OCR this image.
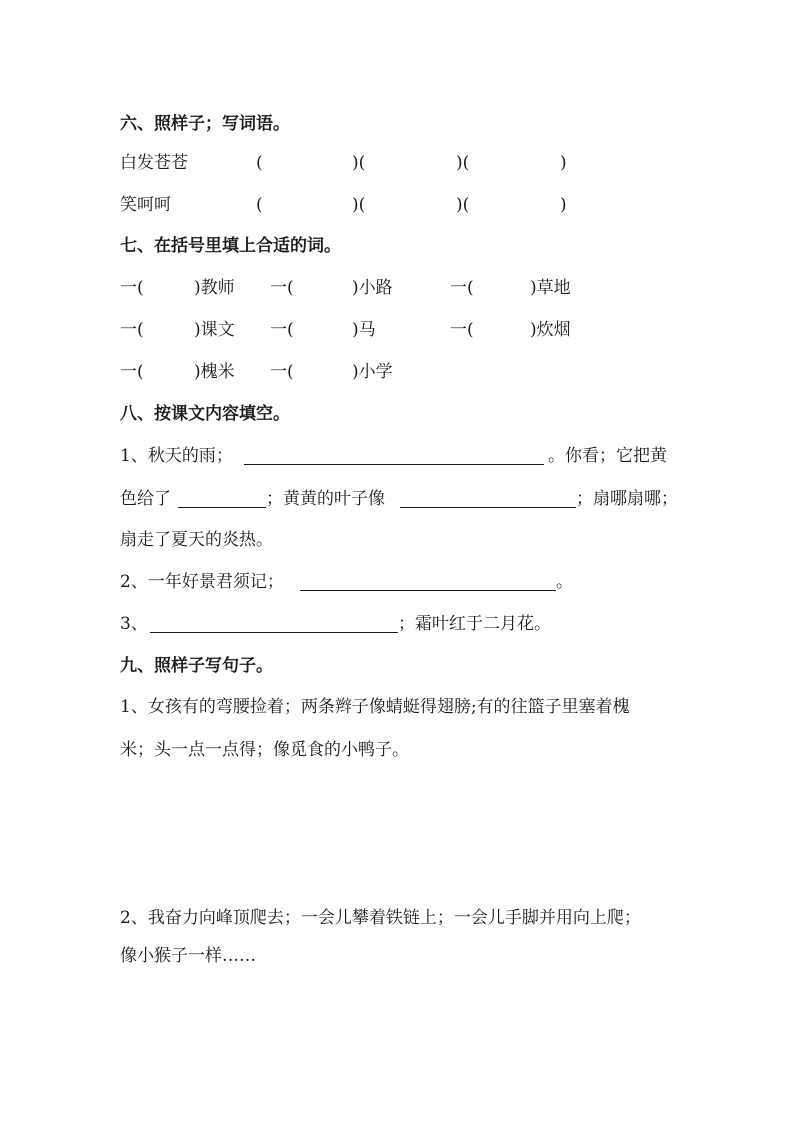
六、照样子；写词语。
白发苍苍	(	)(	)(	)
笑呵呵	(	)(	)(	)
七、在括号里填上合适的词。
一(	)教师 一(	)小路	一(	)草地
一(	)课文 一(	)马	一(	)炊烟
一(	)槐米 一(	)小学
八、按课文内容填空。
1、秋天的雨；	。你看；它把黄
色给了	；黄黄的叶子像	；扇哪扇哪；
扇走了夏天的炎热。
2、一年好景君须记；	。
3、	；霜叶红于二月花。
九、照样子写句子。
1、女孩有的弯腰捡着；两条辫子像蜻蜓得翅膀;有的往篮子里塞着槐
米；头一点一点得；像觅食的小鸭子。
2、我奋力向峰顶爬去；一会儿攀着铁链上；一会儿手脚并用向上爬；
像小猴子一样……
